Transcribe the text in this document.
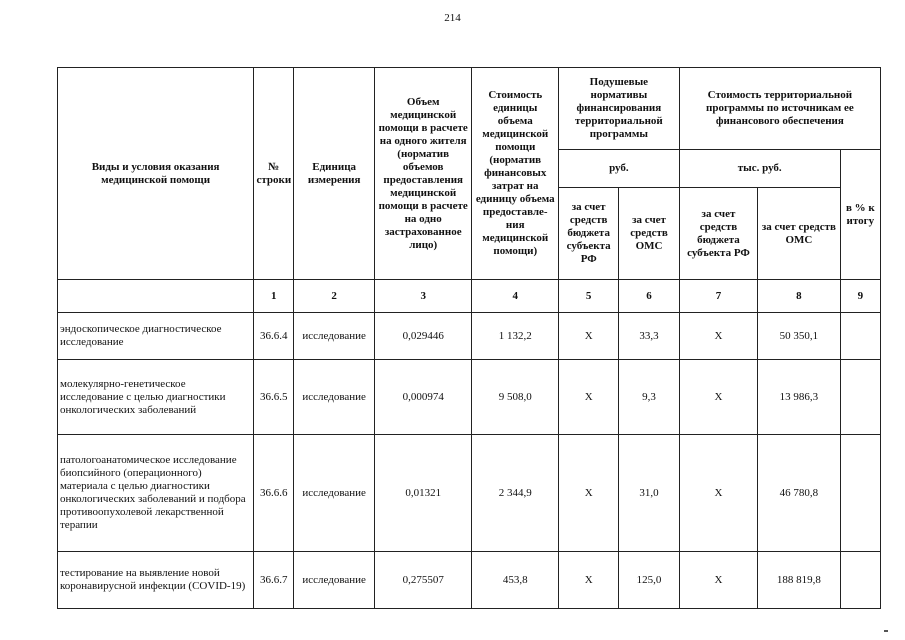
214
Виды и условия оказания медицинской помощи	№ строки	Единица измерения	Объем медицинской помощи в расчете на одного жителя (норматив объемов предоставления медицинской помощи в расчете на одно застрахованное лицо)	Стоимость единицы объема медицинской помощи (норматив финансовых затрат на единицу объема предоставле-ния медицинской помощи)	Подушевые нормативы финансирования территориальной программы		Стоимость территориальной программы по источникам ее финансового обеспечения		
					руб.		тыс. руб.		в % к итогу
					за счет средств бюджета субъекта РФ	за счет средств ОМС	за счет средств бюджета субъекта РФ	за счет средств ОМС	
	1	2	3	4	5	6	7	8	9
эндоскопическое диагностическое исследование	36.6.4	исследование	0,029446	1 132,2	Х	33,3	Х	50 350,1	
молекулярно-генетическое исследование с целью диагностики онкологических заболеваний	36.6.5	исследование	0,000974	9 508,0	Х	9,3	Х	13 986,3	
патологоанатомическое исследование биопсийного (операционного) материала с целью диагностики онкологических заболеваний и подбора противоопухолевой лекарственной терапии	36.6.6	исследование	0,01321	2 344,9	Х	31,0	Х	46 780,8	
тестирование на выявление новой коронавирусной инфекции (COVID-19)	36.6.7	исследование	0,275507	453,8	Х	125,0	Х	188 819,8	
